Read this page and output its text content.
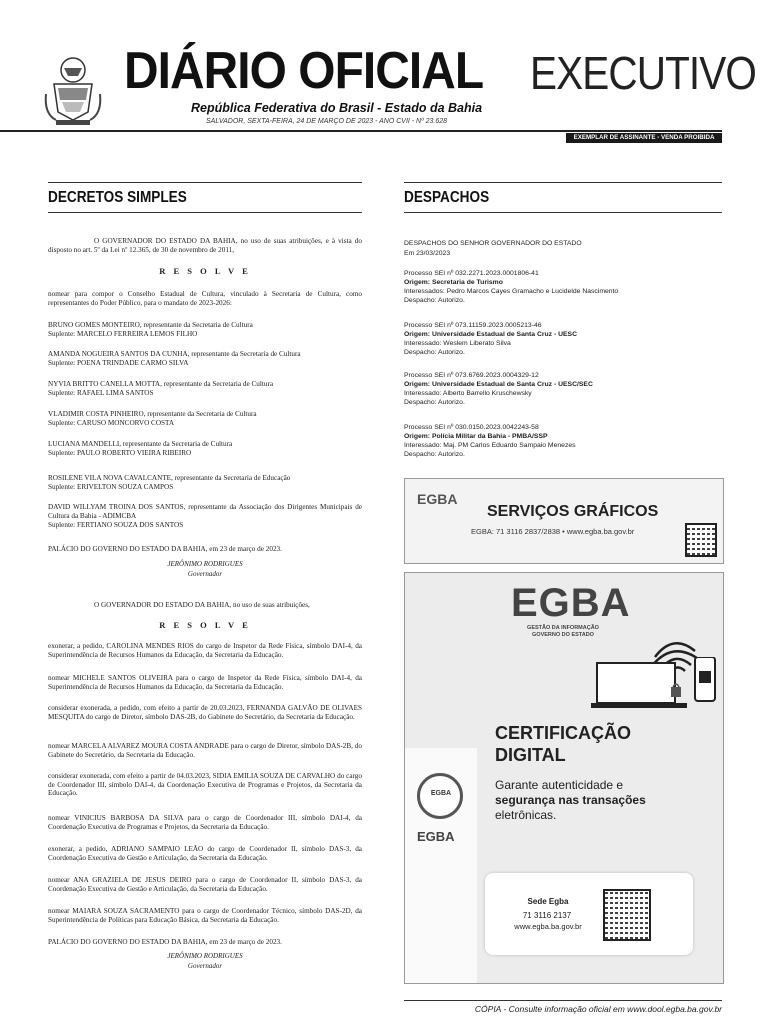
DIÁRIO OFICIAL EXECUTIVO
República Federativa do Brasil - Estado da Bahia
SALVADOR, SEXTA-FEIRA, 24 DE MARÇO DE 2023 - ANO CVII - Nº 23.628
EXEMPLAR DE ASSINANTE - VENDA PROIBIDA
DECRETOS SIMPLES

O GOVERNADOR DO ESTADO DA BAHIA, no uso de suas atribuições, e à vista do disposto no art. 5º da Lei nº 12.365, de 30 de novembro de 2011,

R E S O L V E

nomear para compor o Conselho Estadual de Cultura, vinculado à Secretaria de Cultura, como representantes do Poder Público, para o mandato de 2023-2026:

BRUNO GOMES MONTEIRO, representante da Secretaria de Cultura

Suplente: MARCELO FERREIRA LEMOS FILHO

AMANDA NOGUEIRA SANTOS DA CUNHA, representante da Secretaria de Cultura

Suplente: POENA TRINDADE CARMO SILVA

NYVIA BRITTO CANELLA MOTTA, representante da Secretaria de Cultura

Suplente: RAFAEL LIMA SANTOS

VLADIMIR COSTA PINHEIRO, representante da Secretaria de Cultura

Suplente: CARUSO MONCORVO COSTA

LUCIANA MANDELLI, representante da Secretaria de Cultura

Suplente: PAULO ROBERTO VIEIRA RIBEIRO

ROSILENE VILA NOVA CAVALCANTE, representante da Secretaria de Educação

Suplente: ERIVELTON SOUZA CAMPOS

DAVID WILLYAM TROINA DOS SANTOS, representante da Associação dos Dirigentes Municipais de Cultura da Bahia - ADIMCBA

Suplente: FERTIANO SOUZA DOS SANTOS

PALÁCIO DO GOVERNO DO ESTADO DA BAHIA, em 23 de março de 2023.

JERÔNIMO RODRIGUES

Governador

O GOVERNADOR DO ESTADO DA BAHIA, no uso de suas atribuições,

R E S O L V E

exonerar, a pedido, CAROLINA MENDES RIOS do cargo de Inspetor da Rede Física, símbolo DAI-4, da Superintendência de Recursos Humanos da Educação, da Secretaria da Educação.

nomear MICHELE SANTOS OLIVEIRA para o cargo de Inspetor da Rede Física, símbolo DAI-4, da Superintendência de Recursos Humanos da Educação, da Secretaria da Educação.

considerar exonerada, a pedido, com efeito a partir de 20.03.2023, FERNANDA GALVÃO DE OLIVAES MESQUITA do cargo de Diretor, símbolo DAS-2B, do Gabinete do Secretário, da Secretaria da Educação.

nomear MARCELA ALVAREZ MOURA COSTA ANDRADE para o cargo de Diretor, símbolo DAS-2B, do Gabinete do Secretário, da Secretaria da Educação.

considerar exonerada, com efeito a partir de 04.03.2023, SIDIA EMILIA SOUZA DE CARVALHO do cargo de Coordenador III, símbolo DAI-4, da Coordenação Executiva de Programas e Projetos, da Secretaria da Educação.

nomear VINICIUS BARBOSA DA SILVA para o cargo de Coordenador III, símbolo DAI-4, da Coordenação Executiva de Programas e Projetos, da Secretaria da Educação.

exonerar, a pedido, ADRIANO SAMPAIO LEÃO do cargo de Coordenador II, símbolo DAS-3, da Coordenação Executiva de Gestão e Articulação, da Secretaria da Educação.

nomear ANA GRAZIELA DE JESUS DEIRO para o cargo de Coordenador II, símbolo DAS-3, da Coordenação Executiva de Gestão e Articulação, da Secretaria da Educação.

nomear MAIARA SOUZA SACRAMENTO para o cargo de Coordenador Técnico, símbolo DAS-2D, da Superintendência de Políticas para Educação Básica, da Secretaria da Educação.

PALÁCIO DO GOVERNO DO ESTADO DA BAHIA, em 23 de março de 2023.

JERÔNIMO RODRIGUES

Governador

DESPACHOS

DESPACHOS DO SENHOR GOVERNADOR DO ESTADO

Em 23/03/2023

Processo SEI nº 032.2271.2023.0001806-41

Origem: Secretaria de Turismo

Interessados: Pedro Marcos Cayes Gramacho e Lucidelde Nascimento

Despacho: Autorizo.

Processo SEI nº 073.11159.2023.0005213-46

Origem: Universidade Estadual de Santa Cruz - UESC

Interessado: Weslem Liberato Silva

Despacho: Autorizo.

Processo SEI nº 073.6769.2023.0004329-12

Origem: Universidade Estadual de Santa Cruz - UESC/SEC

Interessado: Alberto Barrello Kruschewsky

Despacho: Autorizo.

Processo SEI nº 030.0150.2023.0042243-58

Origem: Polícia Militar da Bahia - PMBA/SSP

Interessado: Maj. PM Carlos Eduardo Sampaio Menezes

Despacho: Autorizo.

EGBA
SERVIÇOS GRÁFICOS
EGBA: 71 3116 2837/2838 • www.egba.ba.gov.br
EGBA
GESTÃO DA INFORMAÇÃO GOVERNO DO ESTADO
CERTIFICAÇÃO
DIGITAL
Garante autenticidade e
segurança nas transações
eletrônicas.
EGBA
EGBA
Sede Egba
71 3116 2137
www.egba.ba.gov.br
CÓPIA - Consulte informação oficial em www.dool.egba.ba.gov.br
